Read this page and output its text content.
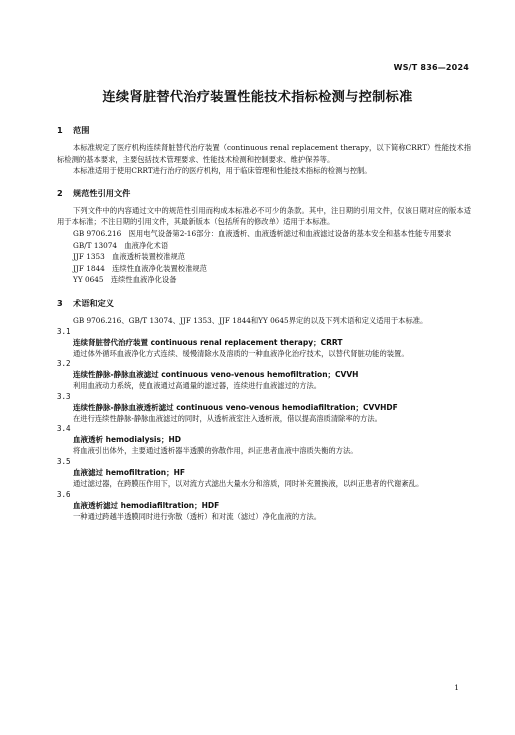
WS/T 836—2024
连续肾脏替代治疗装置性能技术指标检测与控制标准
1 范围

本标准规定了医疗机构连续肾脏替代治疗装置（continuous renal replacement therapy，以下简称CRRT）性能技术指标检测的基本要求，主要包括技术管理要求、性能技术检测和控制要求、维护保养等。

本标准适用于使用CRRT进行治疗的医疗机构，用于临床管理和性能技术指标的检测与控制。

2 规范性引用文件

下列文件中的内容通过文中的规范性引用而构成本标准必不可少的条款。其中，注日期的引用文件，仅该日期对应的版本适用于本标准；不注日期的引用文件，其最新版本（包括所有的修改单）适用于本标准。

GB 9706.216　医用电气设备第2-16部分：血液透析、血液透析滤过和血液滤过设备的基本安全和基本性能专用要求

GB/T 13074　血液净化术语

JJF 1353　血液透析装置校准规范

JJF 1844　连续性血液净化装置校准规范

YY 0645　连续性血液净化设备

3 术语和定义

GB 9706.216、GB/T 13074、JJF 1353、JJF 1844和YY 0645界定的以及下列术语和定义适用于本标准。

3.1

连续肾脏替代治疗装置 continuous renal replacement therapy；CRRT

通过体外循环血液净化方式连续、缓慢清除水及溶质的一种血液净化治疗技术，以替代肾脏功能的装置。

3.2

连续性静脉-静脉血液滤过 continuous veno-venous hemofiltration；CVVH

利用血液动力系统，使血液通过高通量的滤过器，连续进行血液滤过的方法。

3.3

连续性静脉-静脉血液透析滤过 continuous veno-venous hemodiafiltration；CVVHDF

在进行连续性静脉-静脉血液滤过的同时，从透析液室注入透析液，借以提高溶质清除率的方法。

3.4

血液透析 hemodialysis；HD

将血液引出体外，主要通过透析器半透膜的弥散作用，纠正患者血液中溶质失衡的方法。

3.5

血液滤过 hemofiltration；HF

通过滤过器，在跨膜压作用下，以对流方式滤出大量水分和溶质，同时补充置换液，以纠正患者的代谢紊乱。

3.6

血液透析滤过 hemodiafiltration；HDF

一种通过跨越半透膜同时进行弥散（透析）和对流（滤过）净化血液的方法。

1
